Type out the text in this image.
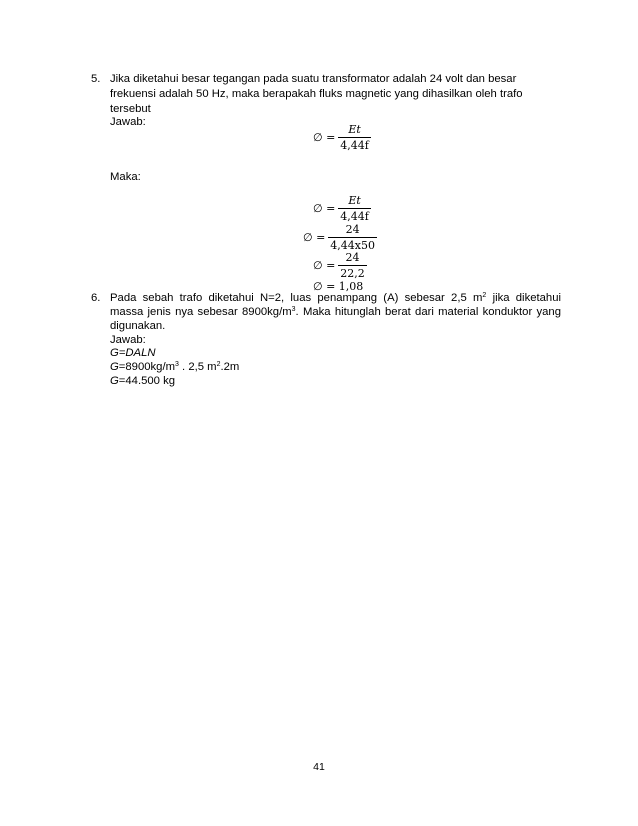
5. Jika diketahui besar tegangan pada suatu transformator adalah 24 volt dan besar
frekuensi adalah 50 Hz, maka berapakah fluks magnetic yang dihasilkan oleh trafo
tersebut
Jawab:
∅ = $\frac{Et}{4,44f}$
Maka:
∅ = $\frac{Et}{4,44f}$
∅ = $\frac{24}{4,44x50}$
∅ = $\frac{24}{22,2}$
∅ = 1,08
6. Pada sebah trafo diketahui N=2, luas penampang (A) sebesar 2,5 $m^2$ jika diketahui
massa jenis nya sebesar $8900kg/m^3$. Maka hitunglah berat dari material konduktor yang
digunakan.
Jawab:
G=DALN
$G=8900kg/m^3$ . 2,5 $m^2.2m$
G=44.500 kg
41
